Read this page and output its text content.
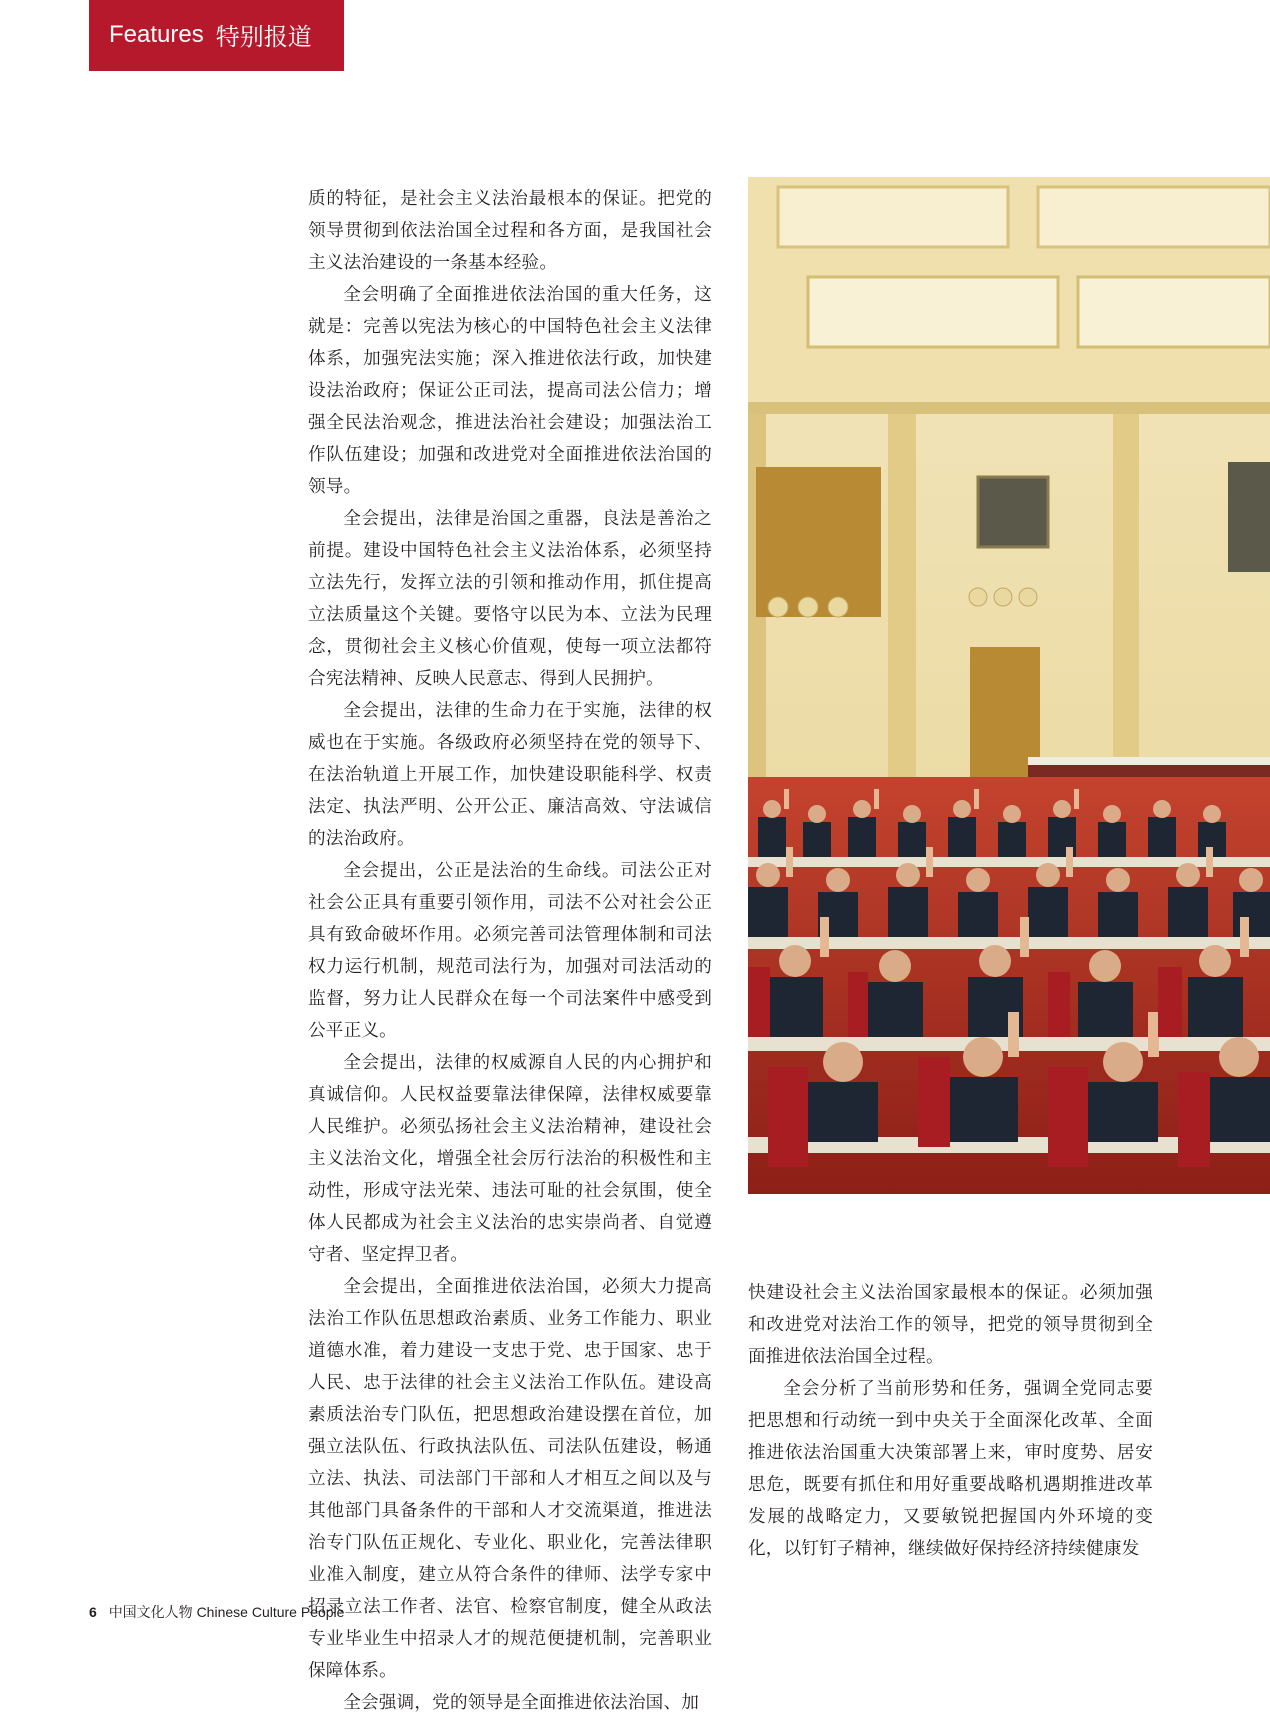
Features 特别报道

质的特征，是社会主义法治最根本的保证。把党的领导贯彻到依法治国全过程和各方面，是我国社会主义法治建设的一条基本经验。

全会明确了全面推进依法治国的重大任务，这就是：完善以宪法为核心的中国特色社会主义法律体系，加强宪法实施；深入推进依法行政，加快建设法治政府；保证公正司法，提高司法公信力；增强全民法治观念，推进法治社会建设；加强法治工作队伍建设；加强和改进党对全面推进依法治国的领导。

全会提出，法律是治国之重器，良法是善治之前提。建设中国特色社会主义法治体系，必须坚持立法先行，发挥立法的引领和推动作用，抓住提高立法质量这个关键。要恪守以民为本、立法为民理念，贯彻社会主义核心价值观，使每一项立法都符合宪法精神、反映人民意志、得到人民拥护。

全会提出，法律的生命力在于实施，法律的权威也在于实施。各级政府必须坚持在党的领导下、在法治轨道上开展工作，加快建设职能科学、权责法定、执法严明、公开公正、廉洁高效、守法诚信的法治政府。

全会提出，公正是法治的生命线。司法公正对社会公正具有重要引领作用，司法不公对社会公正具有致命破坏作用。必须完善司法管理体制和司法权力运行机制，规范司法行为，加强对司法活动的监督，努力让人民群众在每一个司法案件中感受到公平正义。

全会提出，法律的权威源自人民的内心拥护和真诚信仰。人民权益要靠法律保障，法律权威要靠人民维护。必须弘扬社会主义法治精神，建设社会主义法治文化，增强全社会厉行法治的积极性和主动性，形成守法光荣、违法可耻的社会氛围，使全体人民都成为社会主义法治的忠实崇尚者、自觉遵守者、坚定捍卫者。

全会提出，全面推进依法治国，必须大力提高法治工作队伍思想政治素质、业务工作能力、职业道德水准，着力建设一支忠于党、忠于国家、忠于人民、忠于法律的社会主义法治工作队伍。建设高素质法治专门队伍，把思想政治建设摆在首位，加强立法队伍、行政执法队伍、司法队伍建设，畅通立法、执法、司法部门干部和人才相互之间以及与其他部门具备条件的干部和人才交流渠道，推进法治专门队伍正规化、专业化、职业化，完善法律职业准入制度，建立从符合条件的律师、法学专家中招录立法工作者、法官、检察官制度，健全从政法专业毕业生中招录人才的规范便捷机制，完善职业保障体系。

全会强调，党的领导是全面推进依法治国、加

快建设社会主义法治国家最根本的保证。必须加强和改进党对法治工作的领导，把党的领导贯彻到全面推进依法治国全过程。

全会分析了当前形势和任务，强调全党同志要把思想和行动统一到中央关于全面深化改革、全面推进依法治国重大决策部署上来，审时度势、居安思危，既要有抓住和用好重要战略机遇期推进改革发展的战略定力，又要敏锐把握国内外环境的变化，以钉钉子精神，继续做好保持经济持续健康发

6 中国文化人物 Chinese Culture People
